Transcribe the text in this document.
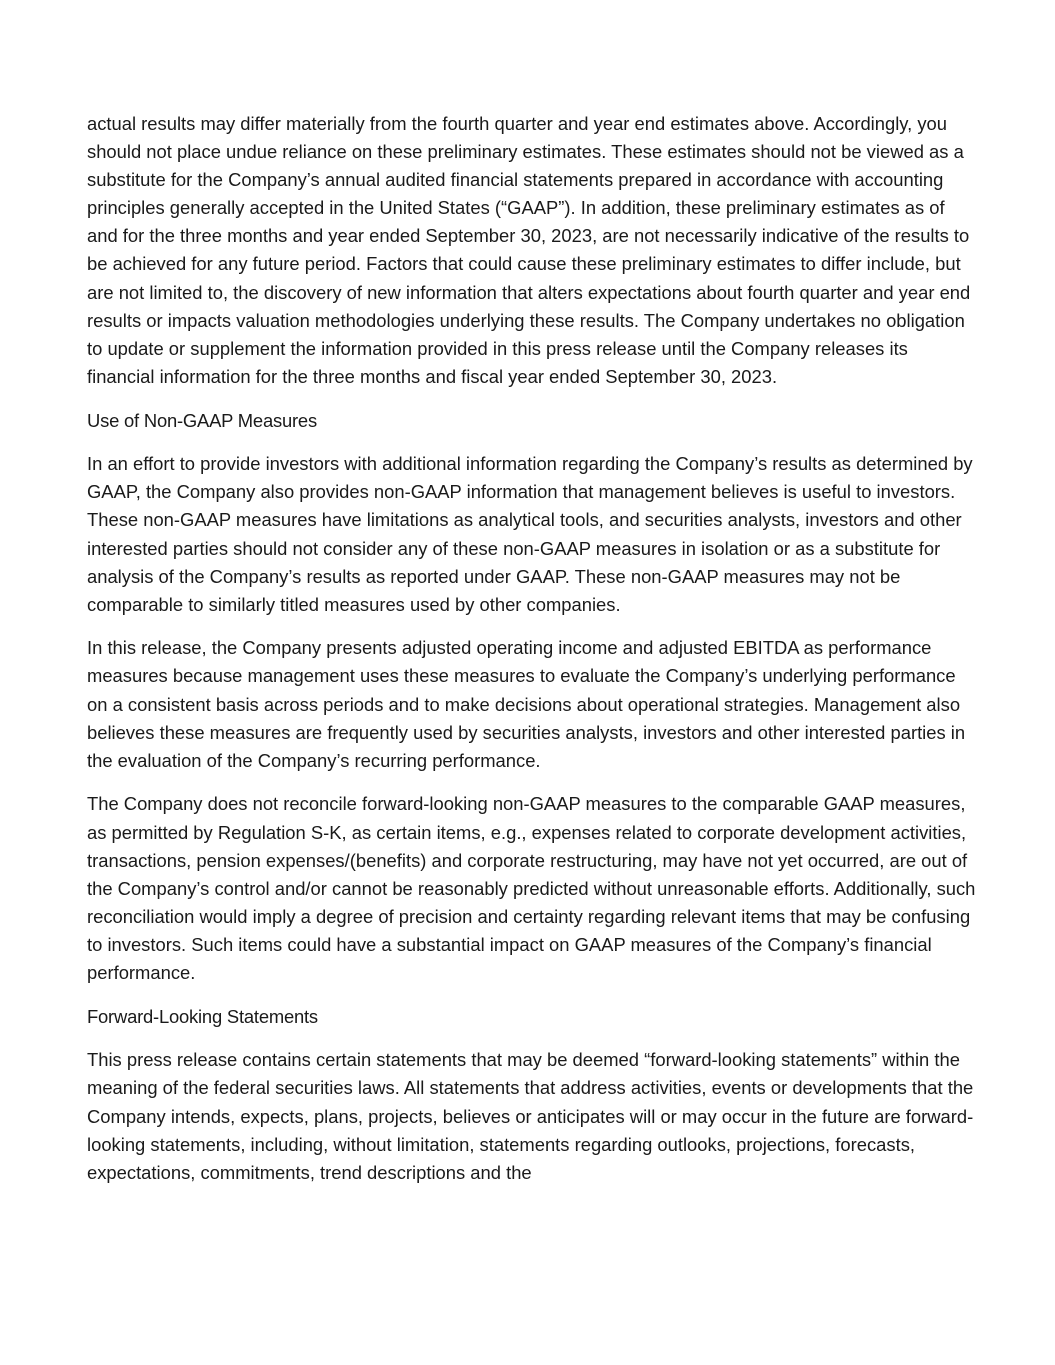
actual results may differ materially from the fourth quarter and year end estimates above. Accordingly, you should not place undue reliance on these preliminary estimates. These estimates should not be viewed as a substitute for the Company’s annual audited financial statements prepared in accordance with accounting principles generally accepted in the United States (“GAAP”). In addition, these preliminary estimates as of and for the three months and year ended September 30, 2023, are not necessarily indicative of the results to be achieved for any future period. Factors that could cause these preliminary estimates to differ include, but are not limited to, the discovery of new information that alters expectations about fourth quarter and year end results or impacts valuation methodologies underlying these results. The Company undertakes no obligation to update or supplement the information provided in this press release until the Company releases its financial information for the three months and fiscal year ended September 30, 2023.

Use of Non-GAAP Measures

In an effort to provide investors with additional information regarding the Company’s results as determined by GAAP, the Company also provides non-GAAP information that management believes is useful to investors. These non-GAAP measures have limitations as analytical tools, and securities analysts, investors and other interested parties should not consider any of these non-GAAP measures in isolation or as a substitute for analysis of the Company’s results as reported under GAAP. These non-GAAP measures may not be comparable to similarly titled measures used by other companies.

In this release, the Company presents adjusted operating income and adjusted EBITDA as performance measures because management uses these measures to evaluate the Company’s underlying performance on a consistent basis across periods and to make decisions about operational strategies. Management also believes these measures are frequently used by securities analysts, investors and other interested parties in the evaluation of the Company’s recurring performance.

The Company does not reconcile forward-looking non-GAAP measures to the comparable GAAP measures, as permitted by Regulation S-K, as certain items, e.g., expenses related to corporate development activities, transactions, pension expenses/(benefits) and corporate restructuring, may have not yet occurred, are out of the Company’s control and/or cannot be reasonably predicted without unreasonable efforts. Additionally, such reconciliation would imply a degree of precision and certainty regarding relevant items that may be confusing to investors. Such items could have a substantial impact on GAAP measures of the Company’s financial performance.

Forward-Looking Statements

This press release contains certain statements that may be deemed “forward-looking statements” within the meaning of the federal securities laws. All statements that address activities, events or developments that the Company intends, expects, plans, projects, believes or anticipates will or may occur in the future are forward-looking statements, including, without limitation, statements regarding outlooks, projections, forecasts, expectations, commitments, trend descriptions and the
